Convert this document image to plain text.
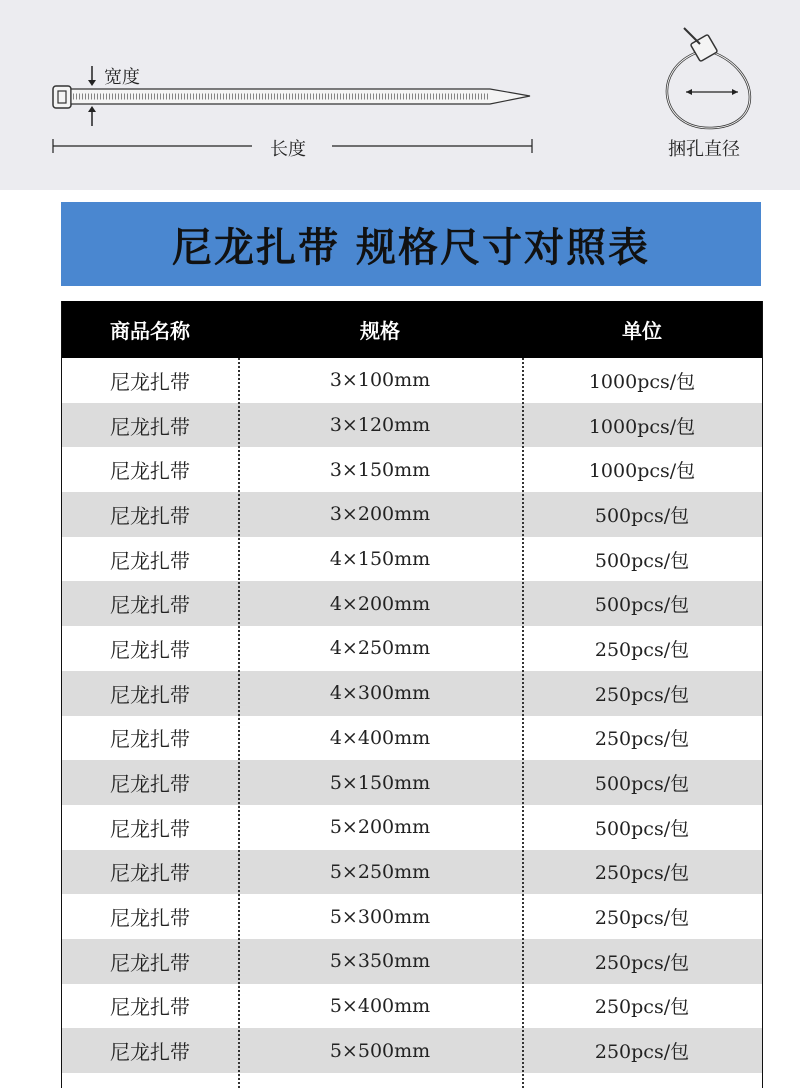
宽度
长度	捆孔直径
尼龙扎带 规格尺寸对照表
商品名称	规格	单位
尼龙扎带	3×100mm	1000pcs/包
尼龙扎带	3×120mm	1000pcs/包
尼龙扎带	3×150mm	1000pcs/包
尼龙扎带	3×200mm	500pcs/包
尼龙扎带	4×150mm	500pcs/包
尼龙扎带	4×200mm	500pcs/包
尼龙扎带	4×250mm	250pcs/包
尼龙扎带	4×300mm	250pcs/包
尼龙扎带	4×400mm	250pcs/包
尼龙扎带	5×150mm	500pcs/包
尼龙扎带	5×200mm	500pcs/包
尼龙扎带	5×250mm	250pcs/包
尼龙扎带	5×300mm	250pcs/包
尼龙扎带	5×350mm	250pcs/包
尼龙扎带	5×400mm	250pcs/包
尼龙扎带	5×500mm	250pcs/包
